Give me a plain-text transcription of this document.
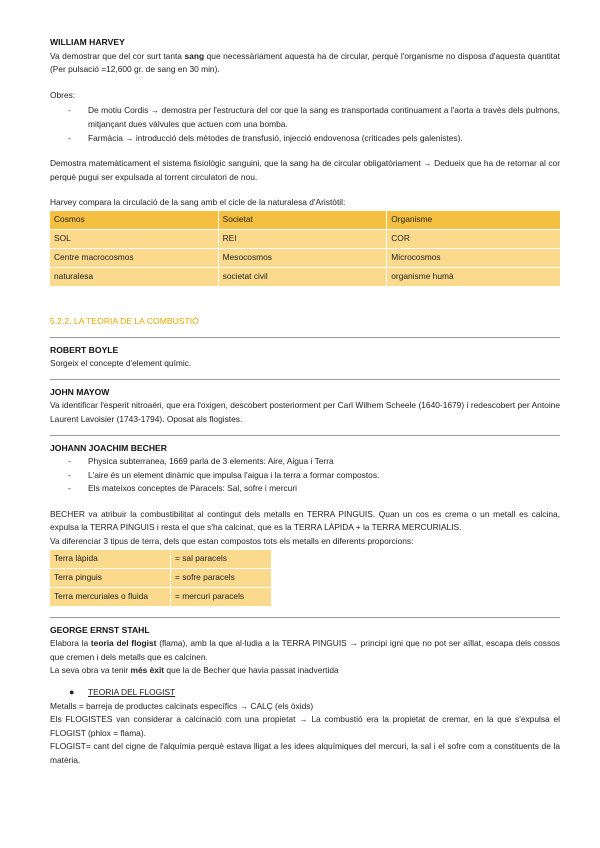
WILLIAM HARVEY

Va demostrar que del cor surt tanta sang que necessàriament aquesta ha de circular, perquè l'organisme no disposa d'aquesta quantitat (Per pulsació =12,600 gr. de sang en 30 min).

Obres:

- De motiu Cordis → demostra per l'estructura del cor que la sang es transportada continuament a l'aorta a través dels pulmons, mitjançant dues vàlvules que actuen com una bomba.
- Farmàcia → introducció dels mètodes de transfusió, injecció endovenosa (criticades pels galenistes).

Demostra matemàticament el sistema fisiològic sanguini, que la sang ha de circular obligatòriament → Dedueix que ha de retornar al cor perquè pugui ser expulsada al torrent circulatori de nou.

Harvey compara la circulació de la sang amb el cicle de la naturalesa d'Aristòtil:

Cosmos	Societat	Organisme
SOL	REI	COR
Centre macrocosmos	Mesocosmos	Microcosmos
naturalesa	societat civil	organisme humà

5.2.2. LA TEORIA DE LA COMBUSTIÓ

ROBERT BOYLE

Sorgeix el concepte d'element químic.

JOHN MAYOW

Va identificar l'esperit nitroaéri, que era l'oxigen, descobert posteriorment per Carl Wilhem Scheele (1640-1679) i redescobert per Antoine Laurent Lavoisier (1743-1794). Oposat als flogistes.

JOHANN JOACHIM BECHER

- Physica subterranea, 1669 parla de 3 elements: Aire, Aigua i Terra
- L'aire és un element dinàmic que impulsa l'aigua i la terra a formar compostos.
- Els mateixos conceptes de Paracels: Sal, sofre i mercuri

BECHER va atribuir la combustibilitat al contingut dels metalls en TERRA PINGUIS. Quan un cos es crema o un metall es calcina, expulsa la TERRA PINGUIS i resta el que s'ha calcinat, que es la TERRA LÀPIDA + la TERRA MERCURIALIS.

Va diferenciar 3 tipus de terra, dels que estan compostos tots els metalls en diferents proporcions:

Terra làpida	= sal paracels
Terra pinguis	= sofre paracels
Terra mercuriales o fluida	= mercuri paracels

GEORGE ERNST STAHL

Elabora la teoria del flogist (flama), amb la que al·ludia a la TERRA PINGUIS → principi igni que no pot ser aïllat, escapa dels cossos que cremen i dels metalls que es calcinen.

La seva obra va tenir més èxit que la de Becher que havia passat inadvertida

● TEORIA DEL FLOGIST

Metalls = barreja de productes calcinats específics → CALÇ (els òxids)

Els FLOGISTES van considerar a calcinació com una propietat → La combustió era la propietat de cremar, en la que s'expulsa el FLOGIST (phlox = flama).

FLOGIST= cant del cigne de l'alquímia perquè estava lligat a les idees alquímiques del mercuri, la sal i el sofre com a constituents de la matèria.
